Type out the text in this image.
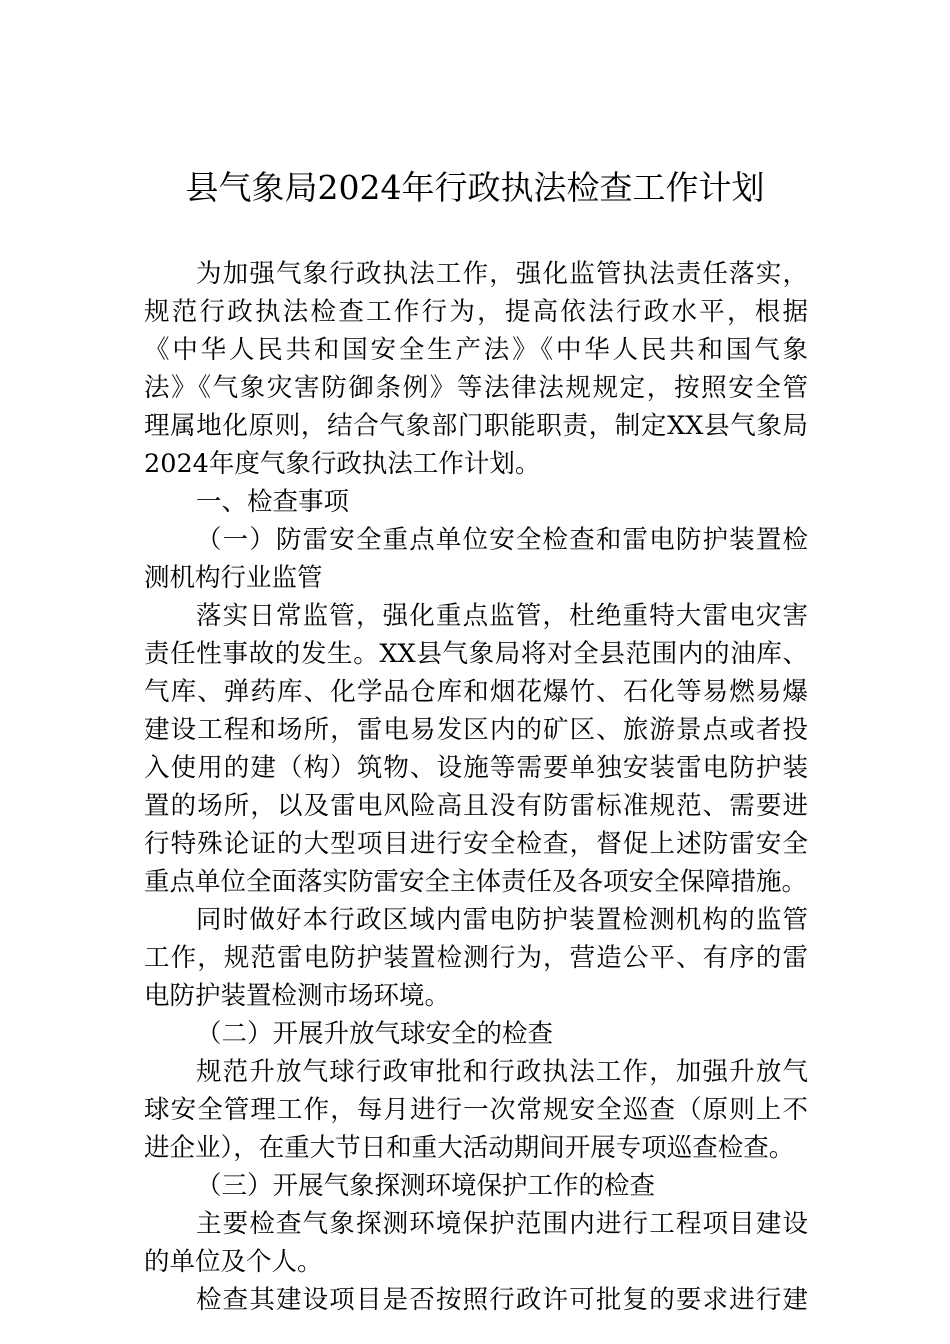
县气象局2024年行政执法检查工作计划
为加强气象行政执法工作，强化监管执法责任落实，
规范行政执法检查工作行为，提高依法行政水平，根据
《中华人民共和国安全生产法》《中华人民共和国气象
法》《气象灾害防御条例》等法律法规规定，按照安全管
理属地化原则，结合气象部门职能职责，制定XX县气象局
2024年度气象行政执法工作计划。
一、检查事项
（一）防雷安全重点单位安全检查和雷电防护装置检
测机构行业监管
落实日常监管，强化重点监管，杜绝重特大雷电灾害
责任性事故的发生。XX县气象局将对全县范围内的油库、
气库、弹药库、化学品仓库和烟花爆竹、石化等易燃易爆
建设工程和场所，雷电易发区内的矿区、旅游景点或者投
入使用的建（构）筑物、设施等需要单独安装雷电防护装
置的场所，以及雷电风险高且没有防雷标准规范、需要进
行特殊论证的大型项目进行安全检查，督促上述防雷安全
重点单位全面落实防雷安全主体责任及各项安全保障措施。
同时做好本行政区域内雷电防护装置检测机构的监管
工作，规范雷电防护装置检测行为，营造公平、有序的雷
电防护装置检测市场环境。
（二）开展升放气球安全的检查
规范升放气球行政审批和行政执法工作，加强升放气
球安全管理工作，每月进行一次常规安全巡查（原则上不
进企业），在重大节日和重大活动期间开展专项巡查检查。
（三）开展气象探测环境保护工作的检查
主要检查气象探测环境保护范围内进行工程项目建设
的单位及个人。
检查其建设项目是否按照行政许可批复的要求进行建
